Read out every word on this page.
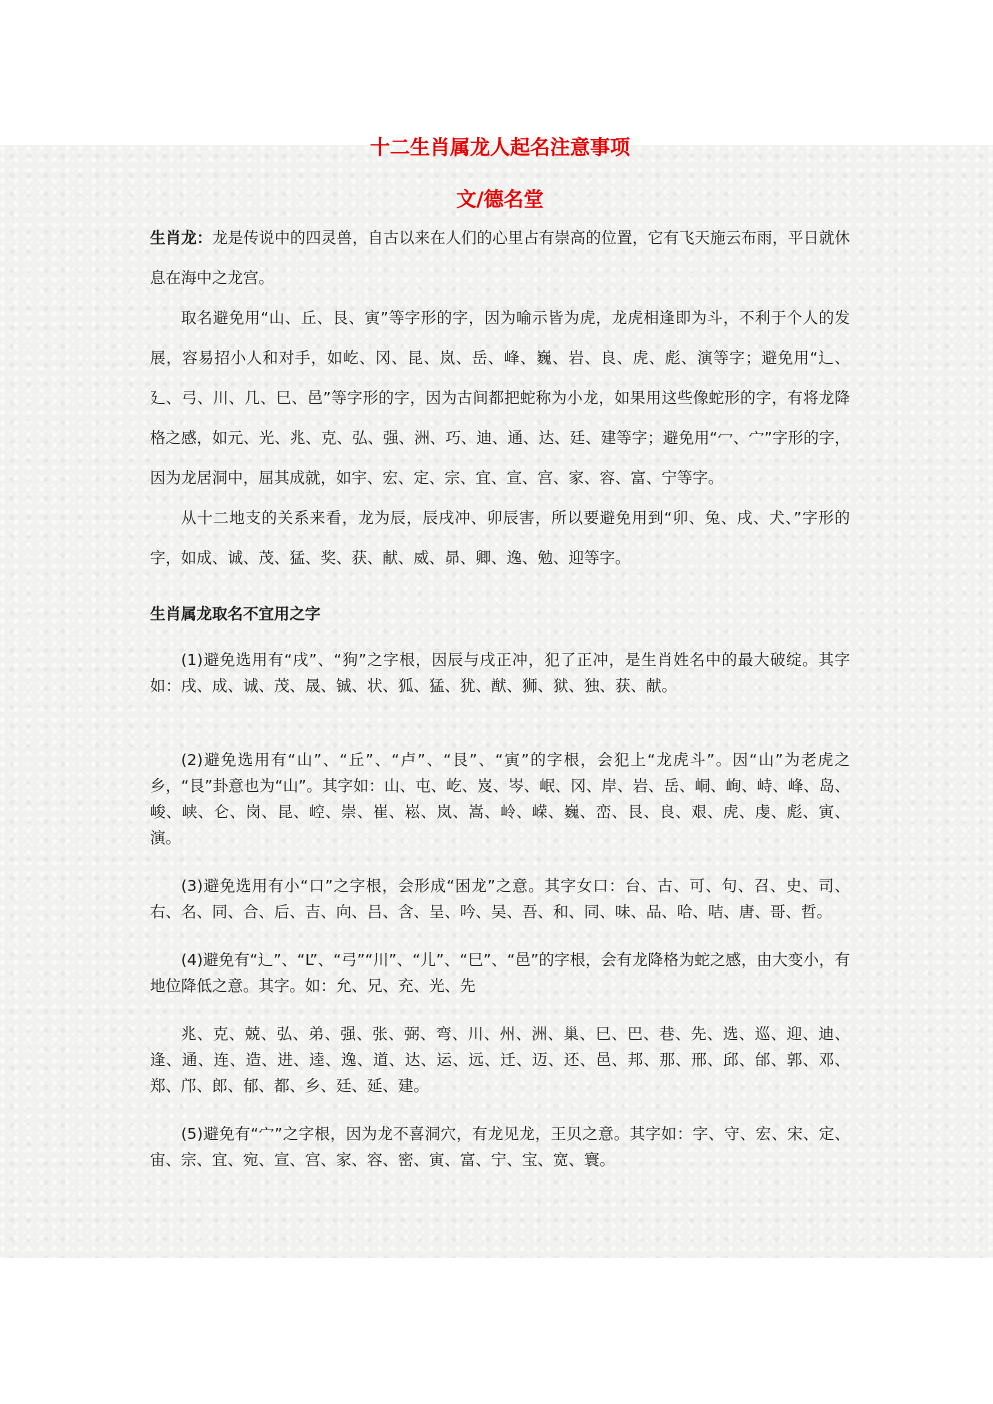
十二生肖属龙人起名注意事项
文/德名堂

生肖龙：龙是传说中的四灵兽，自古以来在人们的心里占有崇高的位置，它有飞天施云布雨，平日就休息在海中之龙宫。

取名避免用“山、丘、艮、寅”等字形的字，因为喻示皆为虎，龙虎相逢即为斗，不利于个人的发展，容易招小人和对手，如屹、冈、昆、岚、岳、峰、巍、岩、良、虎、彪、演等字；避免用“辶、廴、弓、川、几、巳、邑”等字形的字，因为古间都把蛇称为小龙，如果用这些像蛇形的字，有将龙降格之感，如元、光、兆、克、弘、强、洲、巧、迪、通、达、廷、建等字；避免用“冖、宀”字形的字，因为龙居洞中，屈其成就，如宇、宏、定、宗、宜、宣、宫、家、容、富、宁等字。

从十二地支的关系来看，龙为辰，辰戌冲、卯辰害，所以要避免用到“卯、兔、戌、犬、”字形的字，如成、诚、茂、猛、奖、获、献、威、昴、卿、逸、勉、迎等字。

生肖属龙取名不宜用之字

(1)避免选用有“戌”、“狗”之字根，因辰与戌正冲，犯了正冲，是生肖姓名中的最大破绽。其字如：戌、成、诚、茂、晟、铖、状、狐、猛、犹、猷、狮、狱、独、获、献。

(2)避免选用有“山”、“丘”、“卢”、“艮”、“寅”的字根，会犯上“龙虎斗”。因“山”为老虎之乡，“艮”卦意也为“山”。其字如：山、屯、屹、岌、岑、岷、冈、岸、岩、岳、峒、峋、峙、峰、岛、峻、峡、仑、岗、昆、崆、崇、崔、崧、岚、嵩、岭、嵘、巍、峦、艮、良、艰、虎、虔、彪、寅、演。

(3)避免选用有小“口”之字根，会形成“困龙”之意。其字女口：台、古、可、句、召、史、司、右、名、同、合、后、吉、向、吕、含、呈、吟、吴、吾、和、同、味、品、哈、咭、唐、哥、哲。

(4)避免有“辶”、“L”、“弓”“川”、“儿”、“巳”、“邑”的字根，会有龙降格为蛇之感，由大变小，有地位降低之意。其字。如：允、兄、充、光、先

兆、克、兢、弘、弟、强、张、弼、弯、川、州、洲、巢、巳、巴、巷、先、选、巡、迎、迪、逢、通、连、造、进、逵、逸、道、达、运、远、迁、迈、还、邑、邦、那、邢、邱、邰、郭、邓、郑、邝、郎、郁、都、乡、廷、延、建。

(5)避免有“宀”之字根，因为龙不喜洞穴，有龙见龙，王贝之意。其字如：字、守、宏、宋、定、宙、宗、宜、宛、宣、宫、家、容、密、寅、富、宁、宝、宽、寰。
